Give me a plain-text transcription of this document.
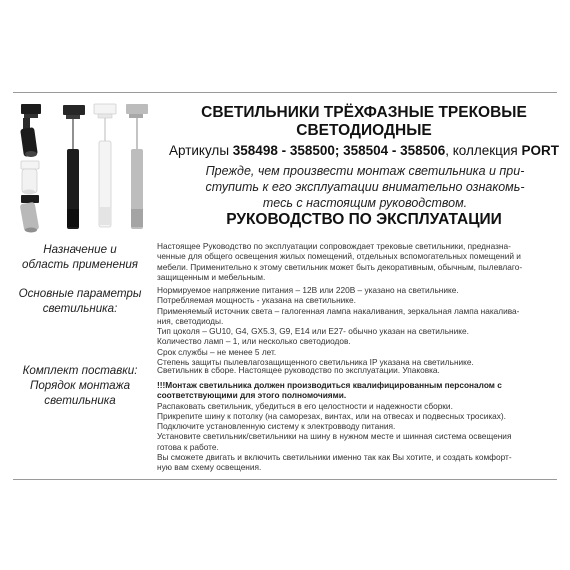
СВЕТИЛЬНИКИ ТРЁХФАЗНЫЕ ТРЕКОВЫЕ
СВЕТОДИОДНЫЕ
Артикулы 358498 - 358500; 358504 - 358506, коллекция PORT
Прежде, чем произвести монтаж светильника и при-
ступить к его эксплуатации внимательно ознакомь-
тесь с настоящим руководством.
РУКОВОДСТВО ПО ЭКСПЛУАТАЦИИ
Назначение и
область применения
Настоящее Руководство по эксплуатации сопровождает трековые светильники, предназна-
ченные для общего освещения жилых помещений, отдельных вспомогательных помещений и
мебели. Применительно к этому светильник может быть декоративным, обычным, пылевлаго-
защищенным и мебельным.
Основные параметры
светильника:
Нормируемое напряжение питания – 12В или 220В – указано на светильнике.
Потребляемая мощность - указана на светильнике.
Применяемый источник света – галогенная лампа накаливания, зеркальная лампа накалива-
ния, светодиоды.
Тип цоколя – GU10, G4, GX5.3, G9, E14 или E27- обычно указан на светильнике.
Количество ламп – 1, или несколько светодиодов.
Срок службы – не менее 5 лет.
Степень защиты пылевлагозащищенного светильника IP указана на светильнике.
Комплект поставки:	Светильник в сборе. Настоящее руководство по эксплуатации. Упаковка.
Порядок монтажа
светильника
!!!Монтаж светильника должен производиться квалифицированным персоналом с
соответствующими для этого полномочиями.
Распаковать светильник, убедиться в его целостности и надежности сборки.
Прикрепите шину к потолку (на саморезах, винтах, или на отвесах и подвесных тросиках).
Подключите установленную систему к электровводу питания.
Установите светильник/светильники на шину в нужном месте и шинная система освещения
готова к работе.
Вы сможете двигать и включить светильники именно так как Вы хотите, и создать комфорт-
ную вам схему освещения.
